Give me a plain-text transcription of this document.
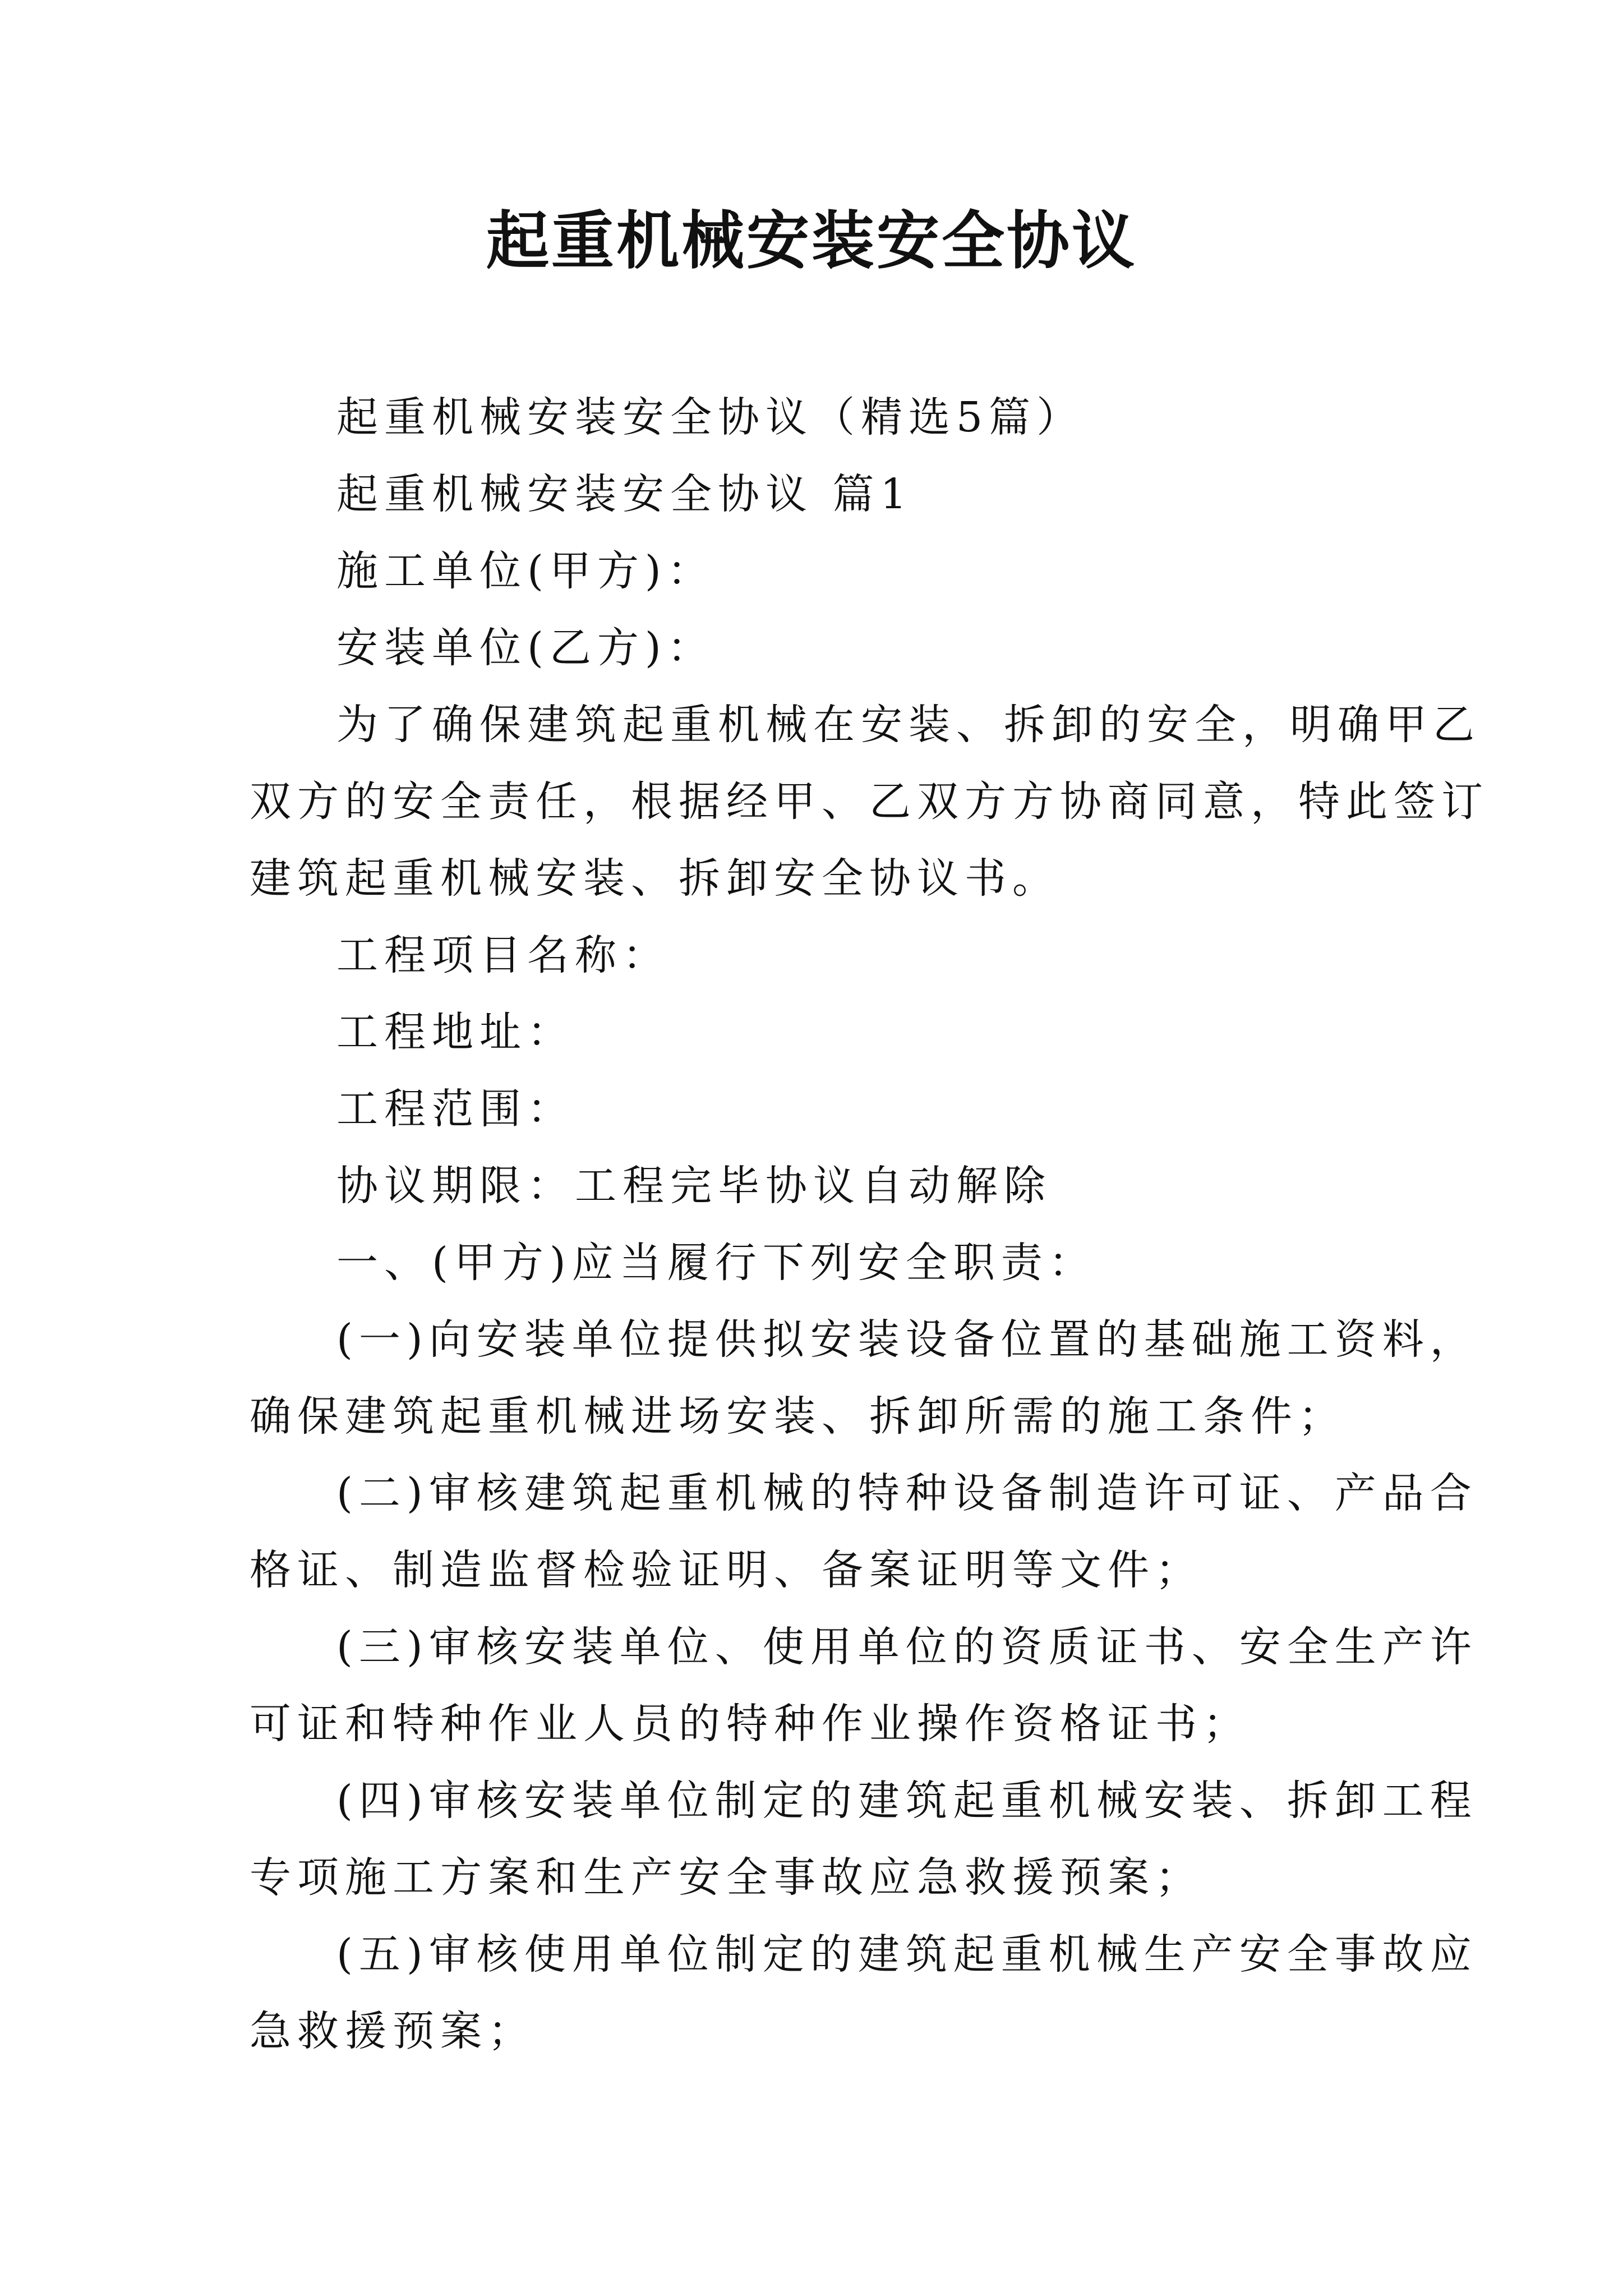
起重机械安装安全协议

起重机械安装安全协议（精选5篇）

起重机械安装安全协议 篇1

施工单位(甲方)：

安装单位(乙方)：

为了确保建筑起重机械在安装、拆卸的安全，明确甲乙

双方的安全责任，根据经甲、乙双方方协商同意，特此签订

建筑起重机械安装、拆卸安全协议书。

工程项目名称：

工程地址：

工程范围：

协议期限：工程完毕协议自动解除

一、(甲方)应当履行下列安全职责：

(一)向安装单位提供拟安装设备位置的基础施工资料，

确保建筑起重机械进场安装、拆卸所需的施工条件；

(二)审核建筑起重机械的特种设备制造许可证、产品合

格证、制造监督检验证明、备案证明等文件；

(三)审核安装单位、使用单位的资质证书、安全生产许

可证和特种作业人员的特种作业操作资格证书；

(四)审核安装单位制定的建筑起重机械安装、拆卸工程

专项施工方案和生产安全事故应急救援预案；

(五)审核使用单位制定的建筑起重机械生产安全事故应

急救援预案；
